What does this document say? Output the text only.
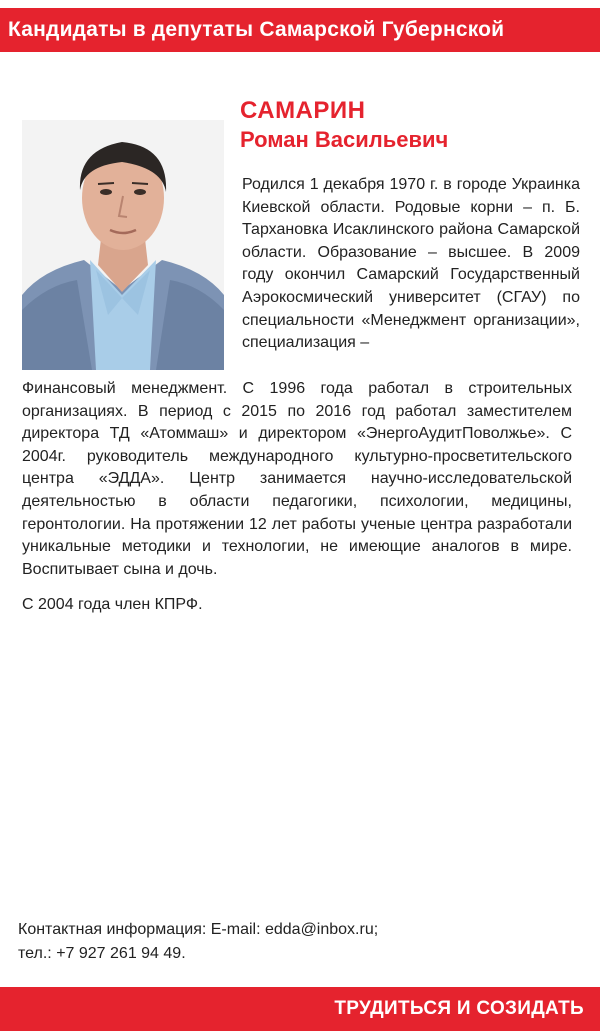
Кандидаты в депутаты Самарской Губернской
САМАРИН
Роман Васильевич

Родился 1 декабря 1970 г. в городе Украинка Киевской области. Родовые корни – п. Б. Тархановка Исаклинского района Самарской области. Образование – высшее. В 2009 году окончил Самарский Государственный Аэрокосмический университет (СГАУ) по специальности «Менеджмент организации», специализация –

Финансовый менеджмент. С 1996 года работал в строительных организациях. В период с 2015 по 2016 год работал заместителем директора ТД «Атоммаш» и директором «ЭнергоАудитПоволжье». С 2004г. руководитель международного культурно-просветительского центра «ЭДДА». Центр занимается научно-исследовательской деятельностью в области педагогики, психологии, медицины, геронтологии. На протяжении 12 лет работы ученые центра разработали уникальные методики и технологии, не имеющие аналогов в мире. Воспитывает сына и дочь.

С 2004 года член КПРФ.
Контактная информация: E-mail: edda@inbox.ru;
тел.: +7 927 261 94 49.
ТРУДИТЬСЯ И СОЗИДАТЬ
